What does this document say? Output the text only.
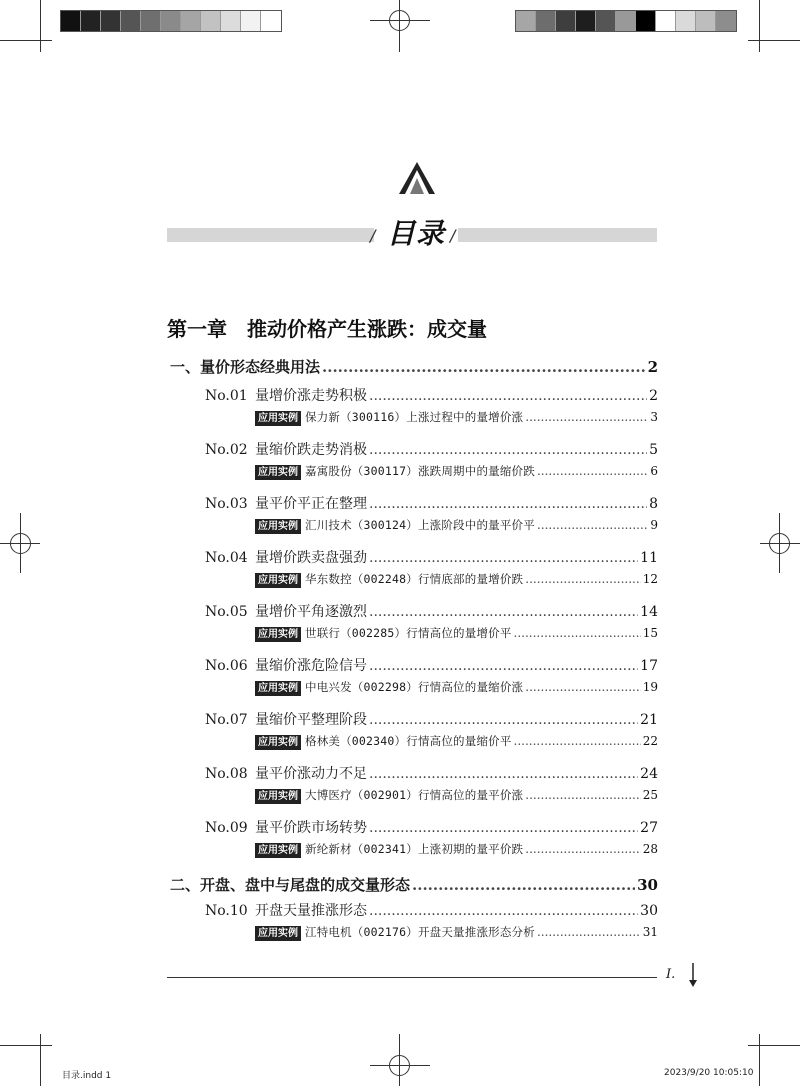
/ 目录 /
第一章　推动价格产生涨跌：成交量
一、量价形态经典用法 .....	2
No.01 量增价涨走势积极 .....	2
应用实例 保力新（300116）上涨过程中的量增价涨 .....	3
No.02 量缩价跌走势消极 .....	5
应用实例 嘉寓股份（300117）涨跌周期中的量缩价跌 .....	6
No.03 量平价平正在整理 .....	8
应用实例 汇川技术（300124）上涨阶段中的量平价平 .....	9
No.04 量增价跌卖盘强劲 .....	11
应用实例 华东数控（002248）行情底部的量增价跌 .....	12
No.05 量增价平角逐激烈 .....	14
应用实例 世联行（002285）行情高位的量增价平 .....	15
No.06 量缩价涨危险信号 .....	17
应用实例 中电兴发（002298）行情高位的量缩价涨 .....	19
No.07 量缩价平整理阶段 .....	21
应用实例 格林美（002340）行情高位的量缩价平 .....	22
No.08 量平价涨动力不足 .....	24
应用实例 大博医疗（002901）行情高位的量平价涨 .....	25
No.09 量平价跌市场转势 .....	27
应用实例 新纶新材（002341）上涨初期的量平价跌 .....	28
二、开盘、盘中与尾盘的成交量形态 .....	30
No.10 开盘天量推涨形态 .....	30
应用实例 江特电机（002176）开盘天量推涨形态分析 .....	31
I.
目录.indd 1	2023/9/20 10:05:10
